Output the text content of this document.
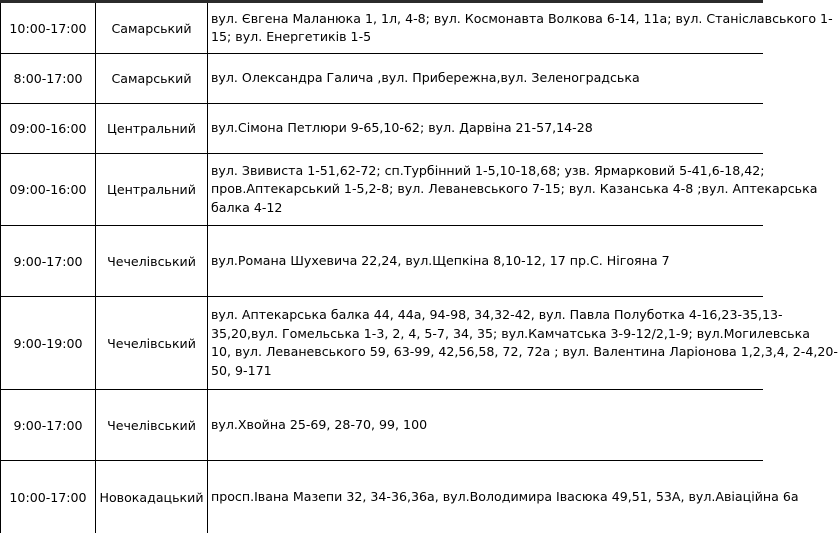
10:00-17:00 Самарський
вул. Євгена Маланюка 1, 1л, 4-8; вул. Космонавта Волкова 6-14, 11а; вул. Станіславського 1-
15; вул. Енергетиків 1-5
8:00-17:00 Самарський вул. Олександра Галича ,вул. Прибережна,вул. Зеленоградська
09:00-16:00 Центральний вул.Сімона Петлюри 9-65,10-62; вул. Дарвіна 21-57,14-28
09:00-16:00 Центральний
вул. Звивиста 1-51,62-72; сп.Турбінний 1-5,10-18,68; узв. Ярмарковий 5-41,6-18,42;
пров.Аптекарський 1-5,2-8; вул. Леваневського 7-15; вул. Казанська 4-8 ;вул. Аптекарська
балка 4-12
9:00-17:00 Чечелівський вул.Романа Шухевича 22,24, вул.Щепкіна 8,10-12, 17 пр.С. Нігояна 7
9:00-19:00 Чечелівський
вул. Аптекарська балка 44, 44а, 94-98, 34,32-42, вул. Павла Полуботка 4-16,23-35,13-
35,20,вул. Гомельська 1-3, 2, 4, 5-7, 34, 35; вул.Камчатська 3-9-12/2,1-9; вул.Могилевська
10, вул. Леваневського 59, 63-99, 42,56,58, 72, 72а ; вул. Валентина Ларіонова 1,2,3,4, 2-4,20-
50, 9-171
9:00-17:00 Чечелівський вул.Хвойна 25-69, 28-70, 99, 100
10:00-17:00 Новокадацький просп.Івана Мазепи 32, 34-36,36а, вул.Володимира Івасюка 49,51, 53А, вул.Авіаційна 6а
